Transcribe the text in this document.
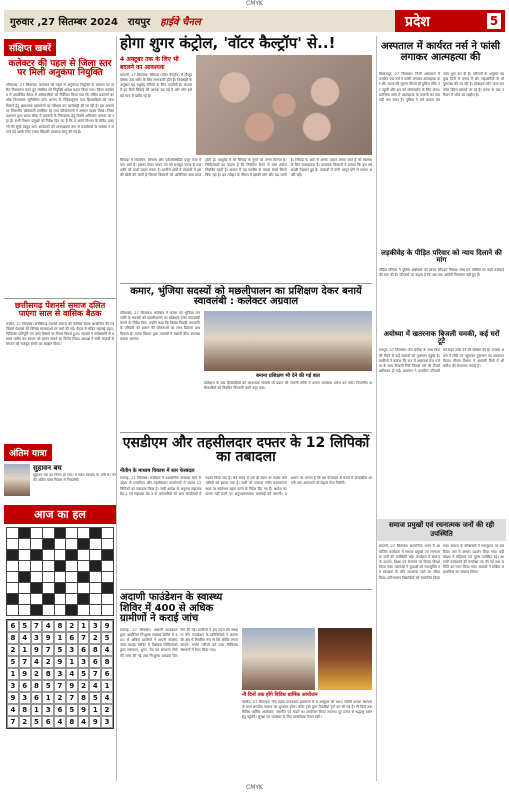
CMYK
गुरुवार ,27 सितम्बर 2024 रायपुर हाईवे चैनल	प्रदेश	5
संक्षिप्त खबरें
कलेक्टर की पहल से जिला स्तर पर मिली अनुकंपा नियुक्ति
गरियाबंद, 27 सितम्बर। कलेक्टर की पहल से अनुकम्पा नियुक्ति के प्रकरण का त्वरित निराकरण करते हुए संबंधित को नियुक्ति आदेश प्रदान किया गया। जिला कार्यालय में आयोजित बैठक में अधिकारियों को निर्देशित किया गया कि लंबित प्रकरणों का शीघ्र निराकरण सुनिश्चित करें। शासन के निर्देशानुसार पात्र हितग्राहियों को लाभ दिलाने हेतु आवश्यक दस्तावेजों का परीक्षण कर कार्यवाही की जा रही है। इस अवसर पर विभागीय अधिकारी उपस्थित रहे तथा परिवारजनों ने आभार व्यक्त किया। जिला प्रशासन द्वारा समय सीमा में प्रकरणों के निराकरण हेतु विशेष अभियान चलाया जा रहा है। सभी विभाग प्रमुखों को निर्देश दिए गए हैं कि वे अपने विभाग के लंबित प्रकरणों की सूची प्रस्तुत करें। आवेदकों को अनावश्यक रूप से कार्यालयों के चक्कर न लगाने पड़े इसके लिए एकल खिड़की व्यवस्था लागू की गई है।
छत्तीसगढ़ पेंशनर्स समाज दलित पाएंगा साल से वासिक बैठक
कांकेर, 27 सितम्बर। छत्तीसगढ़ पेंशनर्स समाज की मासिक बैठक आयोजित की गई जिसमें पेंशनर्स की विभिन्न समस्याओं पर चर्चा की गई। बैठक में लंबित महंगाई राहत, चिकित्सा प्रतिपूर्ति एवं अन्य विषयों पर विचार विमर्श हुआ। सदस्यों ने सर्वसम्मति से प्रस्ताव पारित कर शासन को ज्ञापन भेजने का निर्णय लिया। अध्यक्ष ने सभी सदस्यों से संगठन को मजबूत बनाने का आह्वान किया।
अंतिम यात्रा
सुहावन बघ
सुहावन बघ का निधन हो गया। वे सरल स्वभाव के धनी थे। उनकी अंतिम यात्रा निवास से निकलेगी।
आज का हल
6 5 7 4 8 2 1 3 9
8 4 3 9 1 6 7 2 5
2 1 9 7 5 3 6 8 4
5 7 4 2 9 1 3 6 8
1 9 2 8 3 4 5 7 6
3 6 8 5 7 9 2 4 1
9 3 6 1 2 7 8 5 4
4 8 1 3 6 5 9 1 2
7 2 5 6 4 8 4 9 3
होगा शुगर कंट्रोल, 'वॉटर कैल्ट्रॉप' से..!
4 अक्टूबर तक के लिए भी बदलने का आवश्यक
धमतरी, 27 सितम्बर। सिंघाड़ा (वॉटर कैल्ट्रॉप) में मौजूद पोषक तत्व शरीर के लिए लाभकारी होते हैं। विशेषज्ञों के अनुसार यह मधुमेह रोगियों के लिए उपयोगी है। बाजार में इन दिनों सिंघाड़े की आवक बढ़ गई है और लोग इसे बड़े चाव से खरीद रहे हैं।
सिंघाड़ा में विटामिन, मिनरल और एंटीऑक्सीडेंट प्रचुर मात्रा में पाए जाते हैं। इसका सेवन पाचन तंत्र को मजबूत करता है तथा शरीर को ऊर्जा प्रदान करता है। ग्रामीण क्षेत्रों में तालाबों में इसकी खेती की जाती है जिससे किसानों को अतिरिक्त आय प्राप्त होती है। आयुर्वेद में भी सिंघाड़े के गुणों का वर्णन मिलता है। चिकित्सकों का कहना है कि नियमित सेवन से रक्त शर्करा नियंत्रित रहती है। बाजार में यह चालीस से पचास रुपये किलो बिक रहा है। व्रत त्योहार के मौसम में इसकी मांग और बढ़ जाती है। सिंघाड़े के आटे से अनेक व्यंजन बनाए जाते हैं जो स्वास्थ्य के लिए लाभदायक हैं। उत्पादक किसानों ने बताया कि इस वर्ष अच्छी पैदावार हुई है। तालाबों में पानी भरपूर होने से फसल अच्छी रही।
कमार, भुंजिया सदस्यों को मछलीपालन का प्रशिक्षण देकर बनायें स्वावलंबी : कलेक्टर अग्रवाल
गरियाबंद, 27 सितम्बर। कलेक्टर ने कमार एवं भुंजिया जनजाति के सदस्यों को मछलीपालन का प्रशिक्षण देकर स्वावलंबी बनाने के निर्देश दिए। उन्होंने कहा कि विशेष पिछड़ी जनजाति के परिवारों को शासन की योजनाओं का लाभ दिलाना प्राथमिकता है। मत्स्य विभाग द्वारा तालाबों में मछली बीज उपलब्ध कराया जाएगा।
बनाना प्रशिक्षण भी देने की गई बात
प्रशिक्षण के बाद हितग्राहियों को आवश्यक सामग्री भी प्रदान की जाएगी ताकि वे अपना व्यवसाय प्रारंभ कर सकें। विभागीय अधिकारियों को नियमित निगरानी करने कहा गया।
एसडीएम और तहसीलदार दफ्तर के 12 लिपिकों का तबादला
नीतीन के माध्यम विकास में स्तर फेरबदल
रायगढ़, 27 सितम्बर। कलेक्टर ने प्रशासनिक कसावट लाने के उद्देश्य से एसडीएम और तहसीलदार कार्यालयों में पदस्थ 12 लिपिकों का तबादला किया है। जारी आदेश के अनुसार सहायक ग्रेड-2 एवं सहायक ग्रेड-3 के कर्मचारियों को अन्य कार्यालयों में पदस्थ किया गया है। लंबे समय से एक ही स्थान पर पदस्थ कर्मचारियों को हटाया गया है। सभी को तत्काल नवीन पदस्थापना स्थल पर कार्यभार ग्रहण करने के निर्देश दिए गए हैं। आदेश का पालन नहीं करने पर अनुशासनात्मक कार्रवाई की जाएगी। प्रशासन का मानना है कि इस फेरबदल से कार्यों में पारदर्शिता आएगी तथा आमजनों को बेहतर सेवा मिलेगी।
अदाणी फाउंडेशन के स्वास्थ्य शिविर में 400 से अधिक ग्रामीणों ने कराई जांच
रायगढ़, 27 सितम्बर। अदाणी फाउंडेशन द्वारा आयोजित निःशुल्क स्वास्थ्य शिविर में 400 से अधिक ग्रामीणों ने अपनी स्वास्थ्य जांच कराई। शिविर में विशेषज्ञ चिकित्सकों द्वारा रक्तचाप, शुगर, नेत्र एवं सामान्य रोगों की जांच की गई तथा निःशुल्क दवाइयां वितरित की गईं। ग्रामीणों ने इस पहल की सराहना की। फाउंडेशन के प्रतिनिधियों ने बताया कि क्षेत्र में नियमित रूप से ऐसे शिविर लगाए जाएंगे। गंभीर मरीजों को उच्च चिकित्सा संस्थानों में रेफर किया गया।
नौ दिनों तक होंगे विविध धार्मिक आयोजन
बालोद, 27 सितम्बर। गंगा मइया पावनधाम झलमला में 3 अक्टूबर को 900 ज्योति कलश स्थापना के साथ शारदीय नवरात्र का शुभारंभ होगा। मंदिर ट्रस्ट द्वारा तैयारियां पूर्ण कर ली गई हैं। नौ दिनों तक विविध धार्मिक आयोजन, जसगीत एवं भंडारे का आयोजन किया जाएगा। दूर दराज से श्रद्धालु दर्शन हेतु पहुंचेंगे। सुरक्षा एवं व्यवस्था के लिए स्वयंसेवक तैनात रहेंगे।
अस्पताल में कार्यरत नर्स ने फांसी लगाकर आत्महत्या की
बिलासपुर, 27 सितम्बर। निजी अस्पताल में कार्यरत एक नर्स ने फांसी लगाकर आत्महत्या कर ली। घटना की सूचना मिलते ही पुलिस मौके पर पहुंची और शव को पोस्टमार्टम के लिए भेजा। प्रारंभिक जांच में आत्महत्या के कारणों का पता नहीं चल सका है। पुलिस ने मर्ग कायम कर जांच शुरू कर दी है। परिजनों के अनुसार वह कुछ दिनों से तनाव में थी। सहकर्मियों से भी पूछताछ की जा रही है। मोबाइल फोन जब्त कर कॉल डिटेल खंगाले जा रहे हैं। घटना के बाद परिवार में शोक का माहौल है।
लड़कीवेह के पीड़ित परिवार को न्याय दिलाने की मांग
पीड़ित परिवार ने पुलिस अधीक्षक को ज्ञापन सौंपकर निष्पक्ष जांच एवं दोषियों पर कड़ी कार्रवाई की मांग की है। परिजनों का कहना है कि अब तक आरोपी गिरफ्तार नहीं हुए हैं।
अयोध्या में खतरनाक बिजली चमकी, कई घरों टूटे
रायपुर, 27 सितम्बर। तेज बारिश के साथ बिजली गिरने से कई मकानों को नुकसान पहुंचा है। ग्रामीणों ने बताया कि रात में अचानक तेज गर्जना के साथ बिजली गिरी जिससे घरों की दीवारें क्षतिग्रस्त हो गईं। प्रशासन ने प्रभावित परिवारों को राहत राशि देने की घोषणा की है। राजस्व अमले ने मौके पर पहुंचकर नुकसान का आकलन किया। मौसम विभाग ने आगामी दिनों में भी बारिश की संभावना जताई है।
समाज प्रमुखों एवं रचनात्मक जनों की रही उपस्थिति
धमतरी, 27 सितम्बर। सामाजिक भवन में आयोजित कार्यक्रम में समाज प्रमुखों एवं रचनात्मक जनों की उपस्थिति रही। कार्यक्रम में समाज के उत्थान, शिक्षा एवं रोजगार पर विचार विमर्श किया गया। वक्ताओं ने युवाओं को नशामुक्ति एवं स्वच्छता के प्रति जागरूक रहने का संदेश दिया। प्रतिभावान विद्यार्थियों को सम्मानित किया गया। समाज के वरिष्ठजनों ने एकजुटता पर बल दिया। अंत में आभार प्रदर्शन किया गया। बड़ी संख्या में महिलाएं एवं पुरुष उपस्थित रहे। आगामी कार्यक्रमों की रूपरेखा तय की गई तथा समिति का गठन किया गया। सदस्यों ने सक्रिय सहभागिता का संकल्प लिया।
CMYK
